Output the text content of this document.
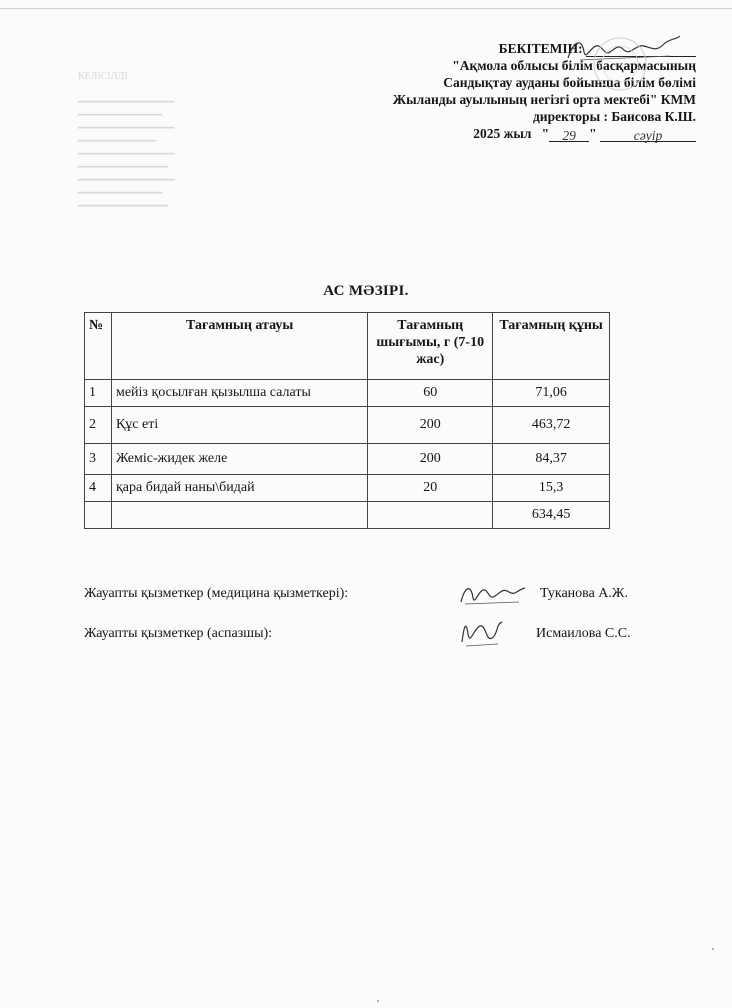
КЕЛІСІЛДІ

━━━━━━━━━━━━━━━━
━━━━━━━━━━━━━━
━━━━━━━━━━━━━━━━
━━━━━━━━━━━━━
━━━━━━━━━━━━━━━━
━━━━━━━━━━━━━━━
━━━━━━━━━━━━━━━━
━━━━━━━━━━━━━━
━━━━━━━━━━━━━━━
БЕКІТЕМІН:
"Ақмола облысы білім басқармасының
Сандықтау ауданы бойынша білім бөлімі
Жыланды ауылының негізгі орта мектебі" КММ
директоры : Баисова К.Ш.
2025 жыл   " 29 "	сәуір
АС МӘЗІРІ.
№	Тағамның атауы	Тағамның шығымы, г (7-10 жас)	Тағамның құны
1	мейіз қосылған қызылша салаты	60	71,06
2	Құс еті	200	463,72
3	Жеміс-жидек желе	200	84,37
4	қара бидай наны\бидай	20	15,3
			634,45
Жауапты қызметкер (медицина қызметкері):	Туканова А.Ж.
Жауапты қызметкер (аспазшы):	Исмаилова С.С.
